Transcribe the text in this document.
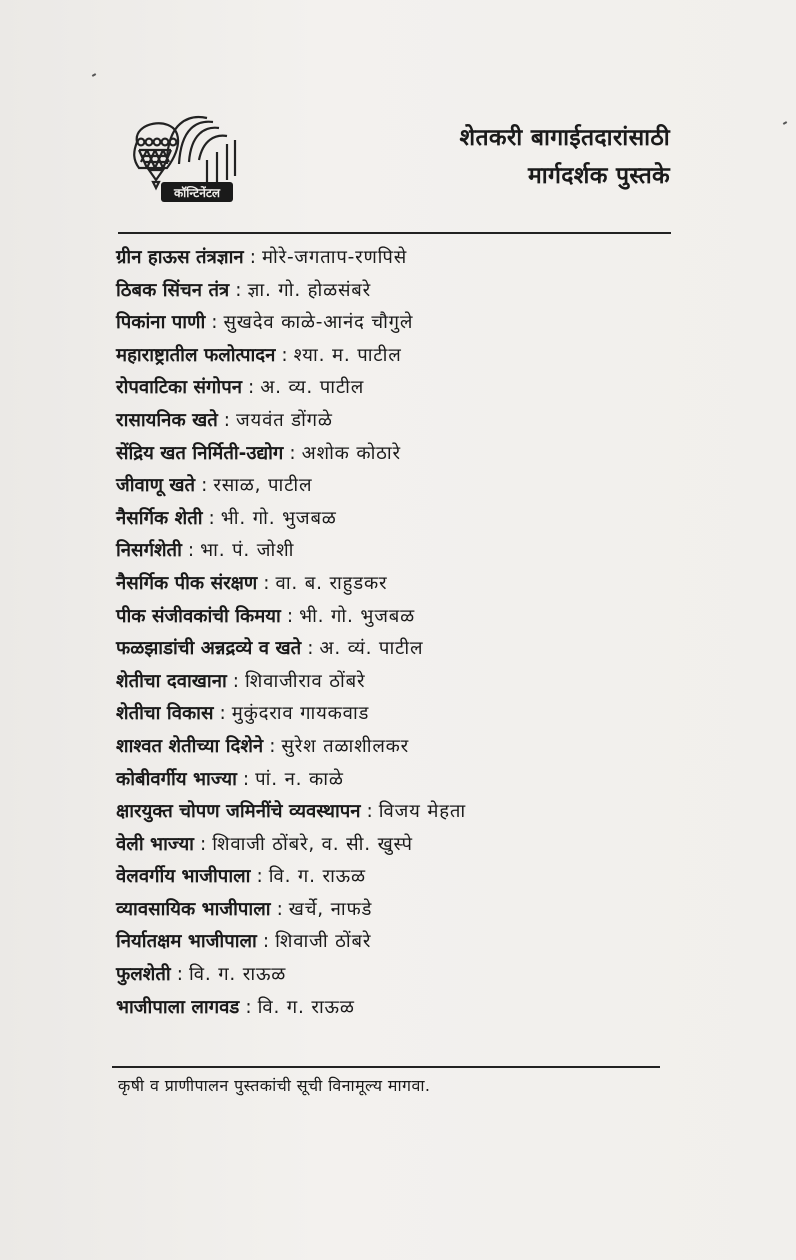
कॉन्टिनेंटल
शेतकरी बागाईतदारांसाठी
मार्गदर्शक पुस्तके
ग्रीन हाऊस तंत्रज्ञान : मोरे-जगताप-रणपिसे
ठिबक सिंचन तंत्र : ज्ञा. गो. होळसंबरे
पिकांना पाणी : सुखदेव काळे-आनंद चौगुले
महाराष्ट्रातील फलोत्पादन : श्या. म. पाटील
रोपवाटिका संगोपन : अ. व्य. पाटील
रासायनिक खते : जयवंत डोंगळे
सेंद्रिय खत निर्मिती-उद्योग : अशोक कोठारे
जीवाणू खते : रसाळ, पाटील
नैसर्गिक शेती : भी. गो. भुजबळ
निसर्गशेती : भा. पं. जोशी
नैसर्गिक पीक संरक्षण : वा. ब. राहुडकर
पीक संजीवकांची किमया : भी. गो. भुजबळ
फळझाडांची अन्नद्रव्ये व खते : अ. व्यं. पाटील
शेतीचा दवाखाना : शिवाजीराव ठोंबरे
शेतीचा विकास : मुकुंदराव गायकवाड
शाश्वत शेतीच्या दिशेने : सुरेश तळाशीलकर
कोबीवर्गीय भाज्या : पां. न. काळे
क्षारयुक्त चोपण जमिनींचे व्यवस्थापन : विजय मेहता
वेली भाज्या : शिवाजी ठोंबरे, व. सी. खुस्पे
वेलवर्गीय भाजीपाला : वि. ग. राऊळ
व्यावसायिक भाजीपाला : खर्चे, नाफडे
निर्यातक्षम भाजीपाला : शिवाजी ठोंबरे
फुलशेती : वि. ग. राऊळ
भाजीपाला लागवड : वि. ग. राऊळ
कृषी व प्राणीपालन पुस्तकांची सूची विनामूल्य मागवा.
